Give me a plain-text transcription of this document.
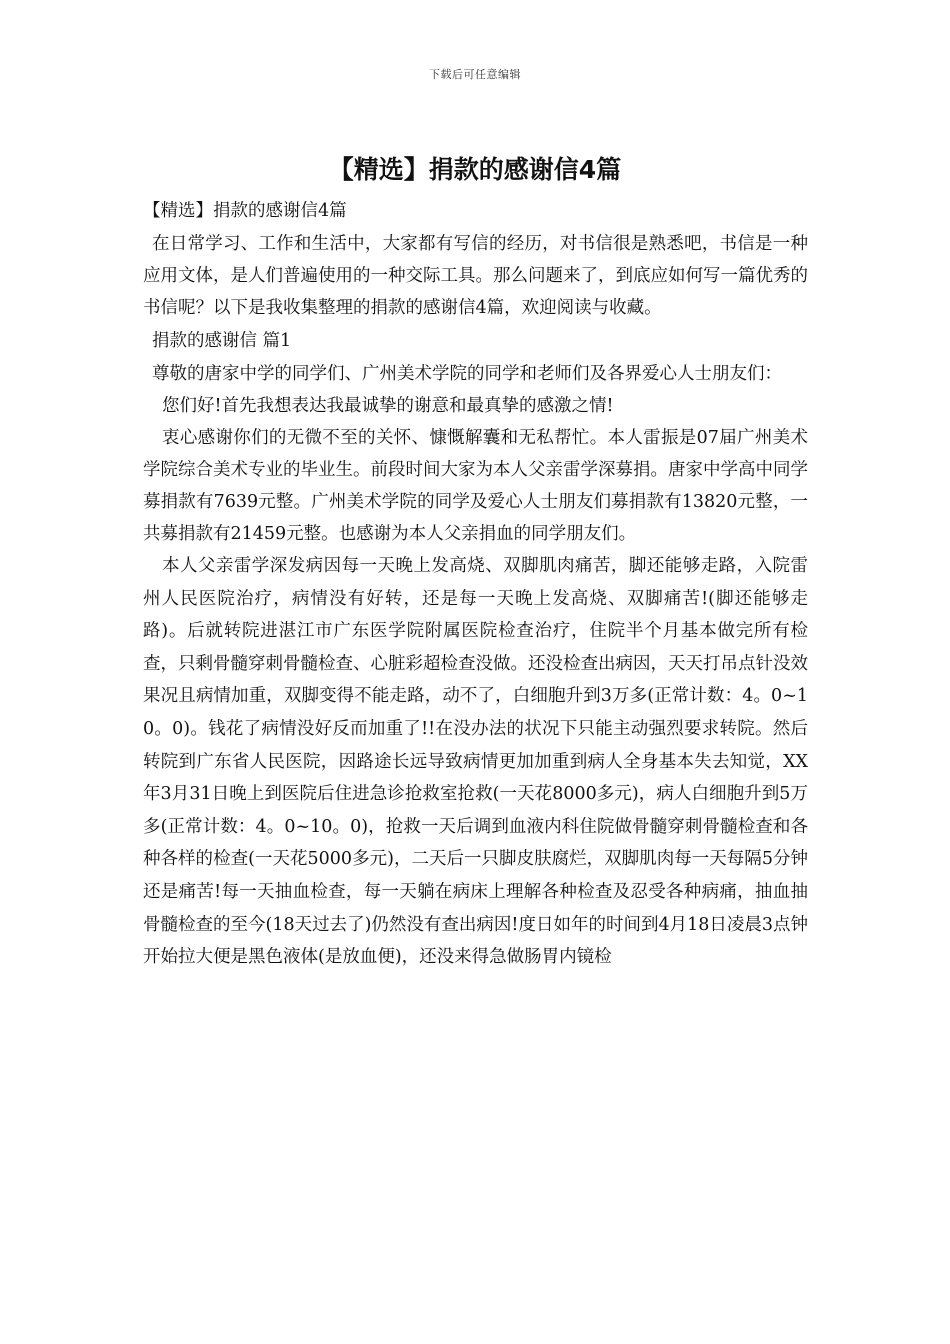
下载后可任意编辑
【精选】捐款的感谢信4篇

【精选】捐款的感谢信4篇

在日常学习、工作和生活中，大家都有写信的经历，对书信很是熟悉吧，书信是一种应用文体，是人们普遍使用的一种交际工具。那么问题来了，到底应如何写一篇优秀的书信呢？以下是我收集整理的捐款的感谢信4篇，欢迎阅读与收藏。

捐款的感谢信 篇1

尊敬的唐家中学的同学们、广州美术学院的同学和老师们及各界爱心人士朋友们：

您们好!首先我想表达我最诚挚的谢意和最真挚的感激之情!

衷心感谢你们的无微不至的关怀、慷慨解囊和无私帮忙。本人雷振是07届广州美术学院综合美术专业的毕业生。前段时间大家为本人父亲雷学深募捐。唐家中学高中同学募捐款有7639元整。广州美术学院的同学及爱心人士朋友们募捐款有13820元整，一共募捐款有21459元整。也感谢为本人父亲捐血的同学朋友们。

本人父亲雷学深发病因每一天晚上发高烧、双脚肌肉痛苦，脚还能够走路，入院雷州人民医院治疗，病情没有好转，还是每一天晚上发高烧、双脚痛苦!(脚还能够走路)。后就转院进湛江市广东医学院附属医院检查治疗，住院半个月基本做完所有检查，只剩骨髓穿刺骨髓检查、心脏彩超检查没做。还没检查出病因，天天打吊点针没效果况且病情加重，双脚变得不能走路，动不了，白细胞升到3万多(正常计数：4。0~10。0)。钱花了病情没好反而加重了!!在没办法的状况下只能主动强烈要求转院。然后转院到广东省人民医院，因路途长远导致病情更加加重到病人全身基本失去知觉，XX年3月31日晚上到医院后住进急诊抢救室抢救(一天花8000多元)，病人白细胞升到5万多(正常计数：4。0~10。0)，抢救一天后调到血液内科住院做骨髓穿刺骨髓检查和各种各样的检查(一天花5000多元)，二天后一只脚皮肤腐烂，双脚肌肉每一天每隔5分钟还是痛苦!每一天抽血检查，每一天躺在病床上理解各种检查及忍受各种病痛，抽血抽骨髓检查的至今(18天过去了)仍然没有查出病因!度日如年的时间到4月18日凌晨3点钟开始拉大便是黑色液体(是放血便)，还没来得急做肠胃内镜检
